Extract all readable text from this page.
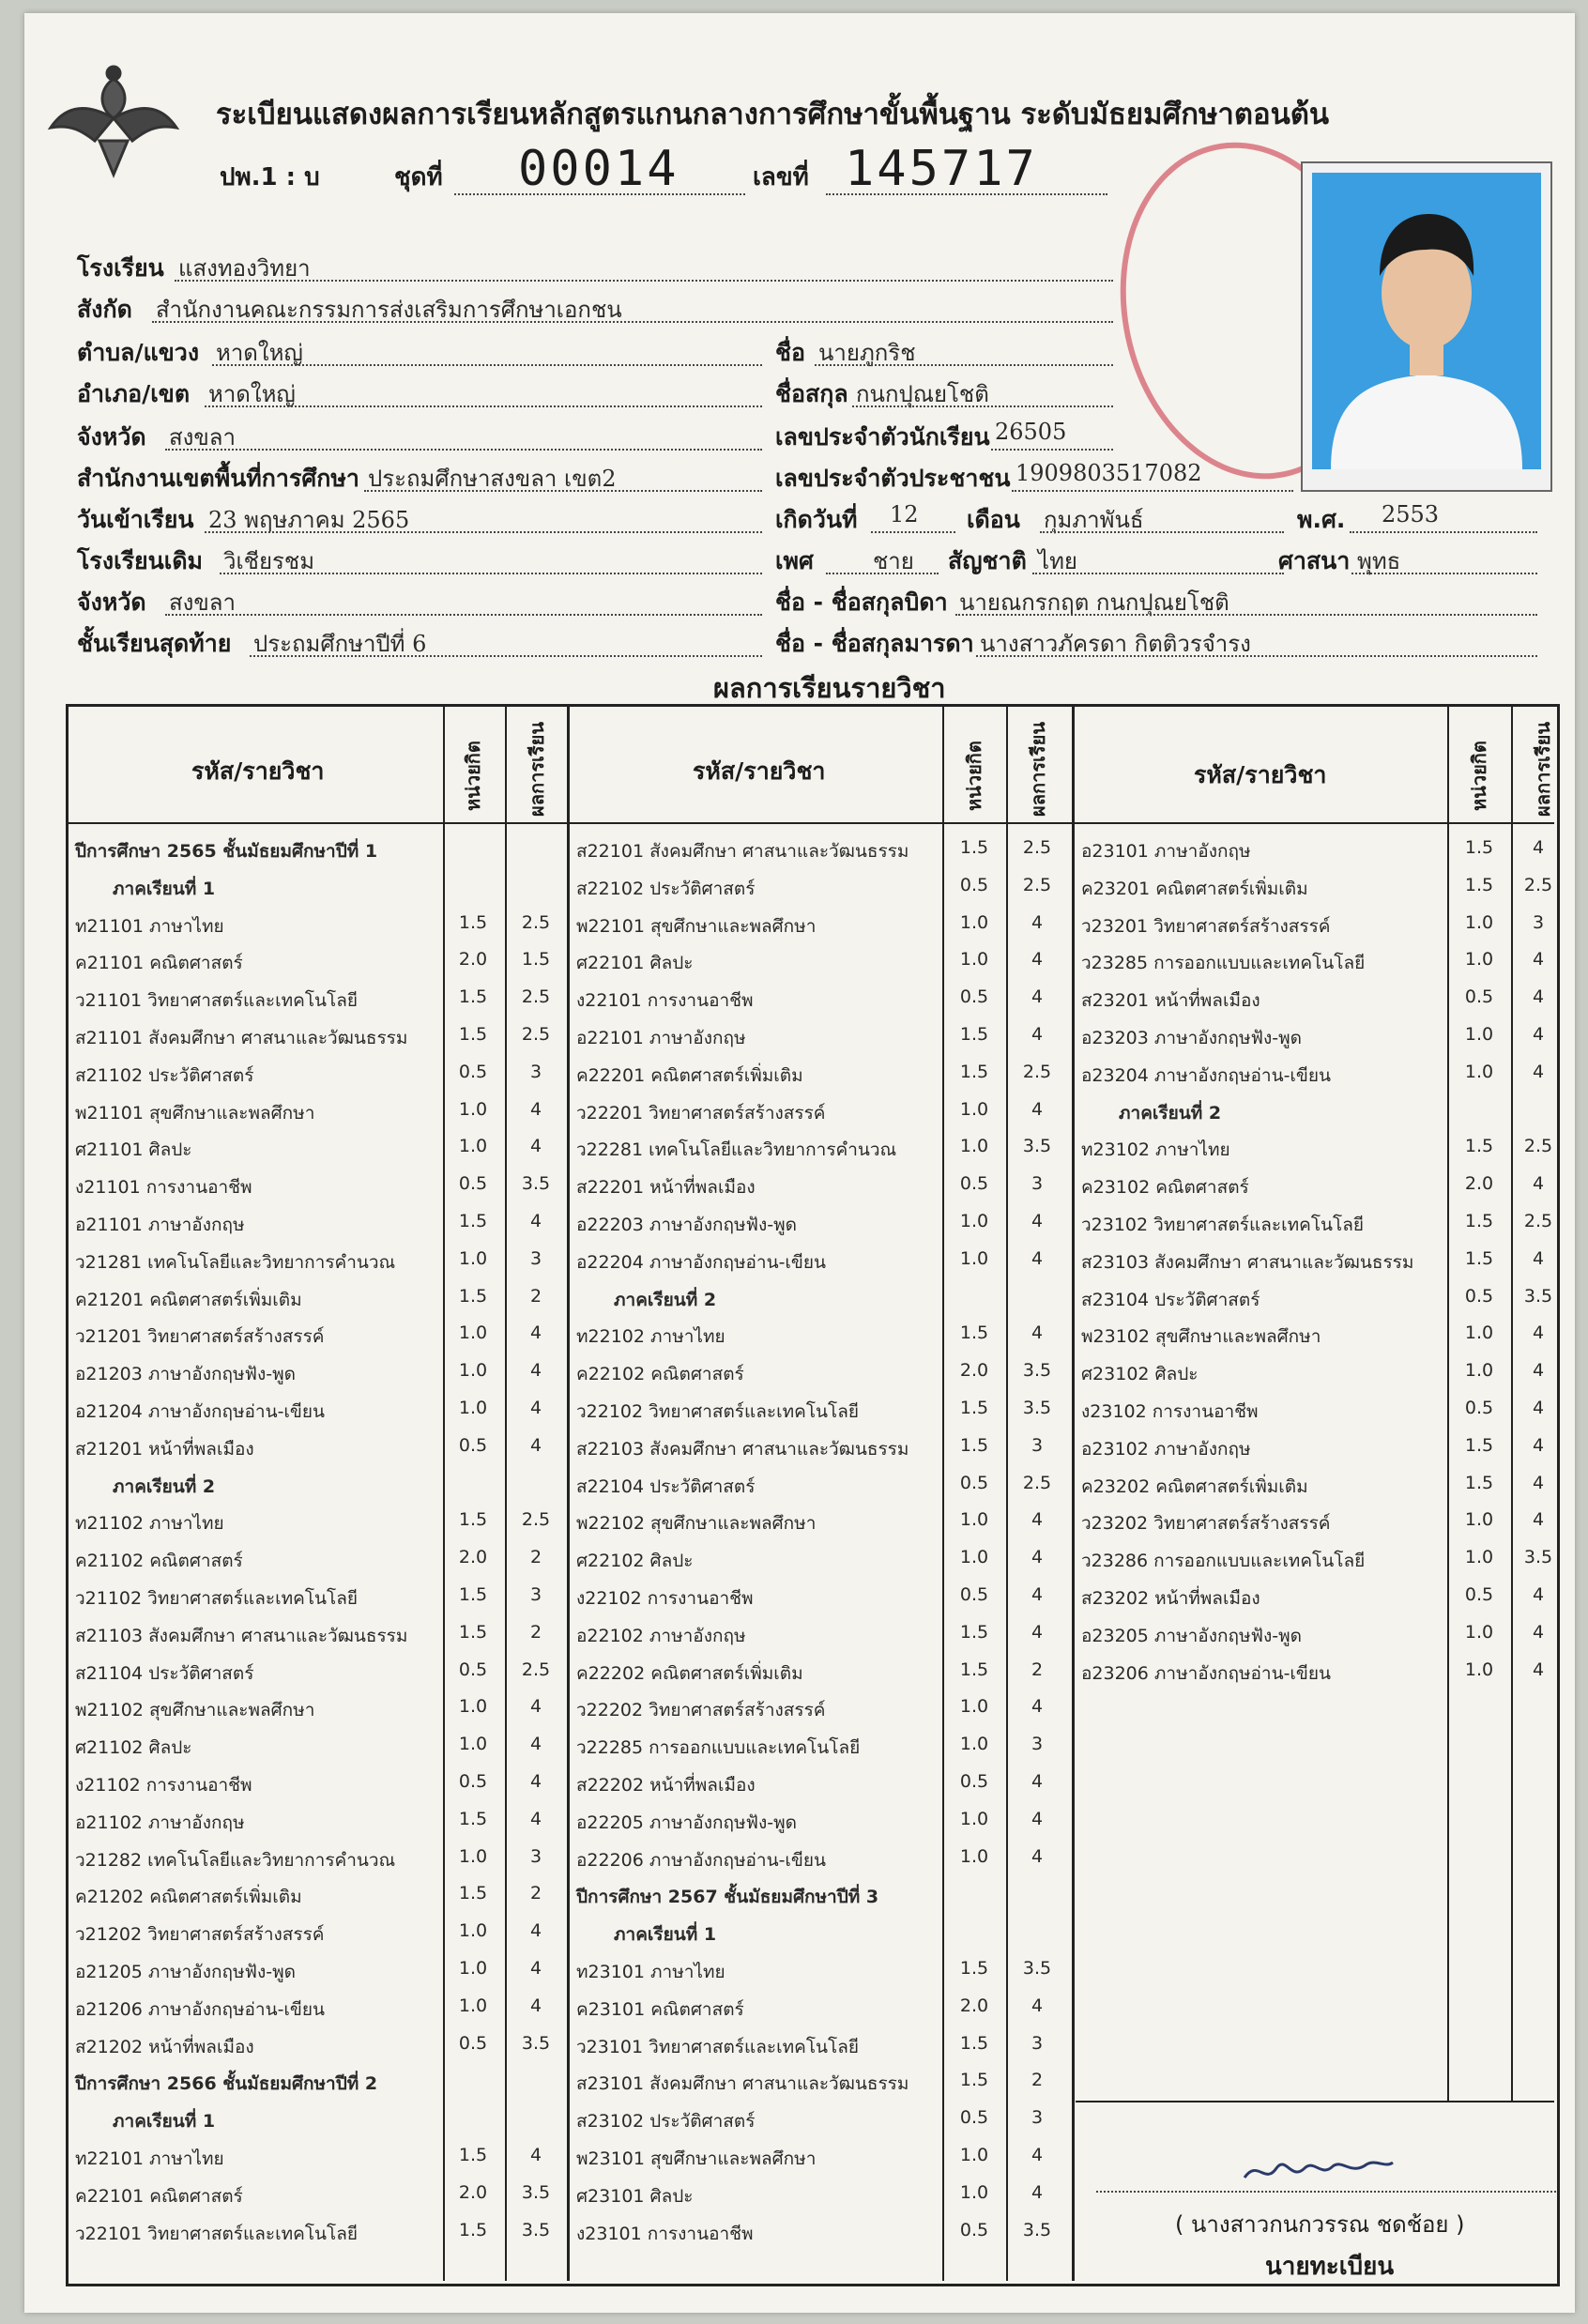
ระเบียนแสดงผลการเรียนหลักสูตรแกนกลางการศึกษาขั้นพื้นฐาน ระดับมัธยมศึกษาตอนต้น
ปพ.1 : บ	ชุดที่ 00014	เลขที่ 145717
โรงเรียน แสงทองวิทยา
สังกัด สำนักงานคณะกรรมการส่งเสริมการศึกษาเอกชน
ตำบล/แขวง หาดใหญ่
อำเภอ/เขต หาดใหญ่
จังหวัด สงขลา
สำนักงานเขตพื้นที่การศึกษา ประถมศึกษาสงขลา เขต2
วันเข้าเรียน 23 พฤษภาคม 2565
โรงเรียนเดิม วิเชียรชม
จังหวัด สงขลา
ชั้นเรียนสุดท้าย ประถมศึกษาปีที่ 6
ชื่อ นายภูกริช
ชื่อสกุล กนกปุณยโชติ
เลขประจำตัวนักเรียน 26505
เลขประจำตัวประชาชน 1909803517082
เกิดวันที่ 12 เดือน กุมภาพันธ์	พ.ศ. 2553
เพศ	ชาย สัญชาติ ไทย	ศาสนา พุทธ
ชื่อ - ชื่อสกุลบิดา นายณกรกฤต กนกปุณยโชติ
ชื่อ - ชื่อสกุลมารดา นางสาวภัครดา กิตติวรจำรง
ผลการเรียนรายวิชา
รหัส/รายวิชา	หน่วยกิต ผลการเรียน	รหัส/รายวิชา	หน่วยกิต ผลการเรียน	รหัส/รายวิชา	หน่วยกิต ผลการเรียน
ปีการศึกษา 2565 ชั้นมัธยมศึกษาปีที่ 1
ภาคเรียนที่ 1
ท21101 ภาษาไทย	1.5	2.5
ค21101 คณิตศาสตร์	2.0	1.5
ว21101 วิทยาศาสตร์และเทคโนโลยี	1.5	2.5
ส21101 สังคมศึกษา ศาสนาและวัฒนธรรม	1.5	2.5
ส21102 ประวัติศาสตร์	0.5	3
พ21101 สุขศึกษาและพลศึกษา	1.0	4
ศ21101 ศิลปะ	1.0	4
ง21101 การงานอาชีพ	0.5	3.5
อ21101 ภาษาอังกฤษ	1.5	4
ว21281 เทคโนโลยีและวิทยาการคำนวณ	1.0	3
ค21201 คณิตศาสตร์เพิ่มเติม	1.5	2
ว21201 วิทยาศาสตร์สร้างสรรค์	1.0	4
อ21203 ภาษาอังกฤษฟัง-พูด	1.0	4
อ21204 ภาษาอังกฤษอ่าน-เขียน	1.0	4
ส21201 หน้าที่พลเมือง	0.5	4
ภาคเรียนที่ 2
ท21102 ภาษาไทย	1.5	2.5
ค21102 คณิตศาสตร์	2.0	2
ว21102 วิทยาศาสตร์และเทคโนโลยี	1.5	3
ส21103 สังคมศึกษา ศาสนาและวัฒนธรรม	1.5	2
ส21104 ประวัติศาสตร์	0.5	2.5
พ21102 สุขศึกษาและพลศึกษา	1.0	4
ศ21102 ศิลปะ	1.0	4
ง21102 การงานอาชีพ	0.5	4
อ21102 ภาษาอังกฤษ	1.5	4
ว21282 เทคโนโลยีและวิทยาการคำนวณ	1.0	3
ค21202 คณิตศาสตร์เพิ่มเติม	1.5	2
ว21202 วิทยาศาสตร์สร้างสรรค์	1.0	4
อ21205 ภาษาอังกฤษฟัง-พูด	1.0	4
อ21206 ภาษาอังกฤษอ่าน-เขียน	1.0	4
ส21202 หน้าที่พลเมือง	0.5	3.5
ปีการศึกษา 2566 ชั้นมัธยมศึกษาปีที่ 2
ภาคเรียนที่ 1
ท22101 ภาษาไทย	1.5	4
ค22101 คณิตศาสตร์	2.0	3.5
ว22101 วิทยาศาสตร์และเทคโนโลยี	1.5	3.5
ส22101 สังคมศึกษา ศาสนาและวัฒนธรรม	1.5	2.5
ส22102 ประวัติศาสตร์	0.5	2.5
พ22101 สุขศึกษาและพลศึกษา	1.0	4
ศ22101 ศิลปะ	1.0	4
ง22101 การงานอาชีพ	0.5	4
อ22101 ภาษาอังกฤษ	1.5	4
ค22201 คณิตศาสตร์เพิ่มเติม	1.5	2.5
ว22201 วิทยาศาสตร์สร้างสรรค์	1.0	4
ว22281 เทคโนโลยีและวิทยาการคำนวณ	1.0	3.5
ส22201 หน้าที่พลเมือง	0.5	3
อ22203 ภาษาอังกฤษฟัง-พูด	1.0	4
อ22204 ภาษาอังกฤษอ่าน-เขียน	1.0	4
ภาคเรียนที่ 2
ท22102 ภาษาไทย	1.5	4
ค22102 คณิตศาสตร์	2.0	3.5
ว22102 วิทยาศาสตร์และเทคโนโลยี	1.5	3.5
ส22103 สังคมศึกษา ศาสนาและวัฒนธรรม	1.5	3
ส22104 ประวัติศาสตร์	0.5	2.5
พ22102 สุขศึกษาและพลศึกษา	1.0	4
ศ22102 ศิลปะ	1.0	4
ง22102 การงานอาชีพ	0.5	4
อ22102 ภาษาอังกฤษ	1.5	4
ค22202 คณิตศาสตร์เพิ่มเติม	1.5	2
ว22202 วิทยาศาสตร์สร้างสรรค์	1.0	4
ว22285 การออกแบบและเทคโนโลยี	1.0	3
ส22202 หน้าที่พลเมือง	0.5	4
อ22205 ภาษาอังกฤษฟัง-พูด	1.0	4
อ22206 ภาษาอังกฤษอ่าน-เขียน	1.0	4
ปีการศึกษา 2567 ชั้นมัธยมศึกษาปีที่ 3
ภาคเรียนที่ 1
ท23101 ภาษาไทย	1.5	3.5
ค23101 คณิตศาสตร์	2.0	4
ว23101 วิทยาศาสตร์และเทคโนโลยี	1.5	3
ส23101 สังคมศึกษา ศาสนาและวัฒนธรรม	1.5	2
ส23102 ประวัติศาสตร์	0.5	3
พ23101 สุขศึกษาและพลศึกษา	1.0	4
ศ23101 ศิลปะ	1.0	4
ง23101 การงานอาชีพ	0.5	3.5
อ23101 ภาษาอังกฤษ	1.5	4
ค23201 คณิตศาสตร์เพิ่มเติม	1.5	2.5
ว23201 วิทยาศาสตร์สร้างสรรค์	1.0	3
ว23285 การออกแบบและเทคโนโลยี	1.0	4
ส23201 หน้าที่พลเมือง	0.5	4
อ23203 ภาษาอังกฤษฟัง-พูด	1.0	4
อ23204 ภาษาอังกฤษอ่าน-เขียน	1.0	4
ภาคเรียนที่ 2
ท23102 ภาษาไทย	1.5	2.5
ค23102 คณิตศาสตร์	2.0	4
ว23102 วิทยาศาสตร์และเทคโนโลยี	1.5	2.5
ส23103 สังคมศึกษา ศาสนาและวัฒนธรรม	1.5	4
ส23104 ประวัติศาสตร์	0.5	3.5
พ23102 สุขศึกษาและพลศึกษา	1.0	4
ศ23102 ศิลปะ	1.0	4
ง23102 การงานอาชีพ	0.5	4
อ23102 ภาษาอังกฤษ	1.5	4
ค23202 คณิตศาสตร์เพิ่มเติม	1.5	4
ว23202 วิทยาศาสตร์สร้างสรรค์	1.0	4
ว23286 การออกแบบและเทคโนโลยี	1.0	3.5
ส23202 หน้าที่พลเมือง	0.5	4
อ23205 ภาษาอังกฤษฟัง-พูด	1.0	4
อ23206 ภาษาอังกฤษอ่าน-เขียน	1.0	4
( นางสาวกนกวรรณ ชดช้อย )
นายทะเบียน
